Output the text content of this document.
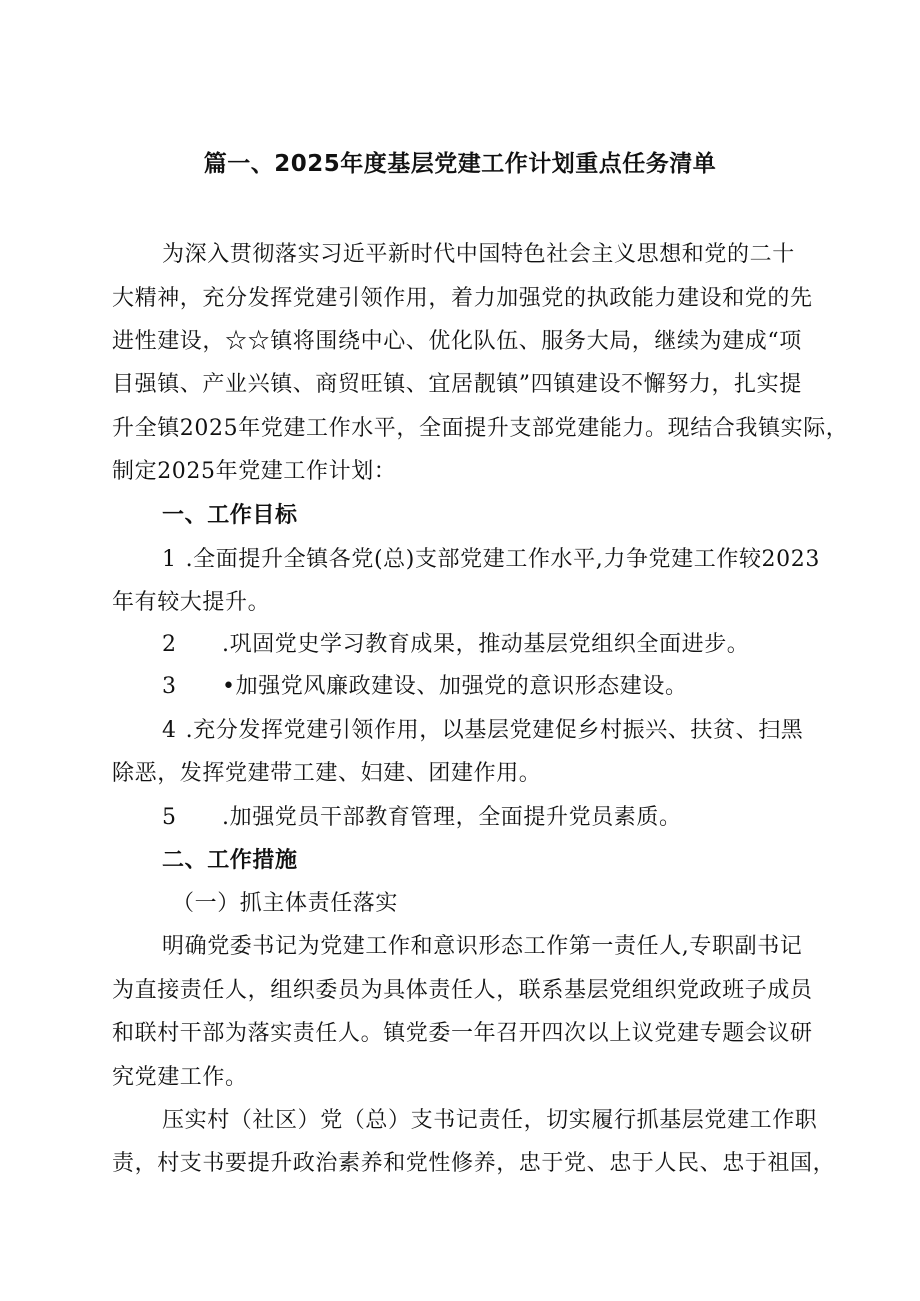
篇一、2025年度基层党建工作计划重点任务清单
为深入贯彻落实习近平新时代中国特色社会主义思想和党的二十
大精神，充分发挥党建引领作用，着力加强党的执政能力建设和党的先
进性建设，☆☆镇将围绕中心、优化队伍、服务大局，继续为建成“项
目强镇、产业兴镇、商贸旺镇、宜居靓镇”四镇建设不懈努力，扎实提
升全镇2025年党建工作水平，全面提升支部党建能力。现结合我镇实际，
制定2025年党建工作计划：
一、工作目标
1 .全面提升全镇各党(总)支部党建工作水平,力争党建工作较2023
年有较大提升。
2 .巩固党史学习教育成果，推动基层党组织全面进步。
3 •加强党风廉政建设、加强党的意识形态建设。
4 .充分发挥党建引领作用，以基层党建促乡村振兴、扶贫、扫黑
除恶，发挥党建带工建、妇建、团建作用。
5 .加强党员干部教育管理，全面提升党员素质。
二、工作措施
（一）抓主体责任落实
明确党委书记为党建工作和意识形态工作第一责任人,专职副书记
为直接责任人，组织委员为具体责任人，联系基层党组织党政班子成员
和联村干部为落实责任人。镇党委一年召开四次以上议党建专题会议研
究党建工作。
压实村（社区）党（总）支书记责任，切实履行抓基层党建工作职
责，村支书要提升政治素养和党性修养，忠于党、忠于人民、忠于祖国，
